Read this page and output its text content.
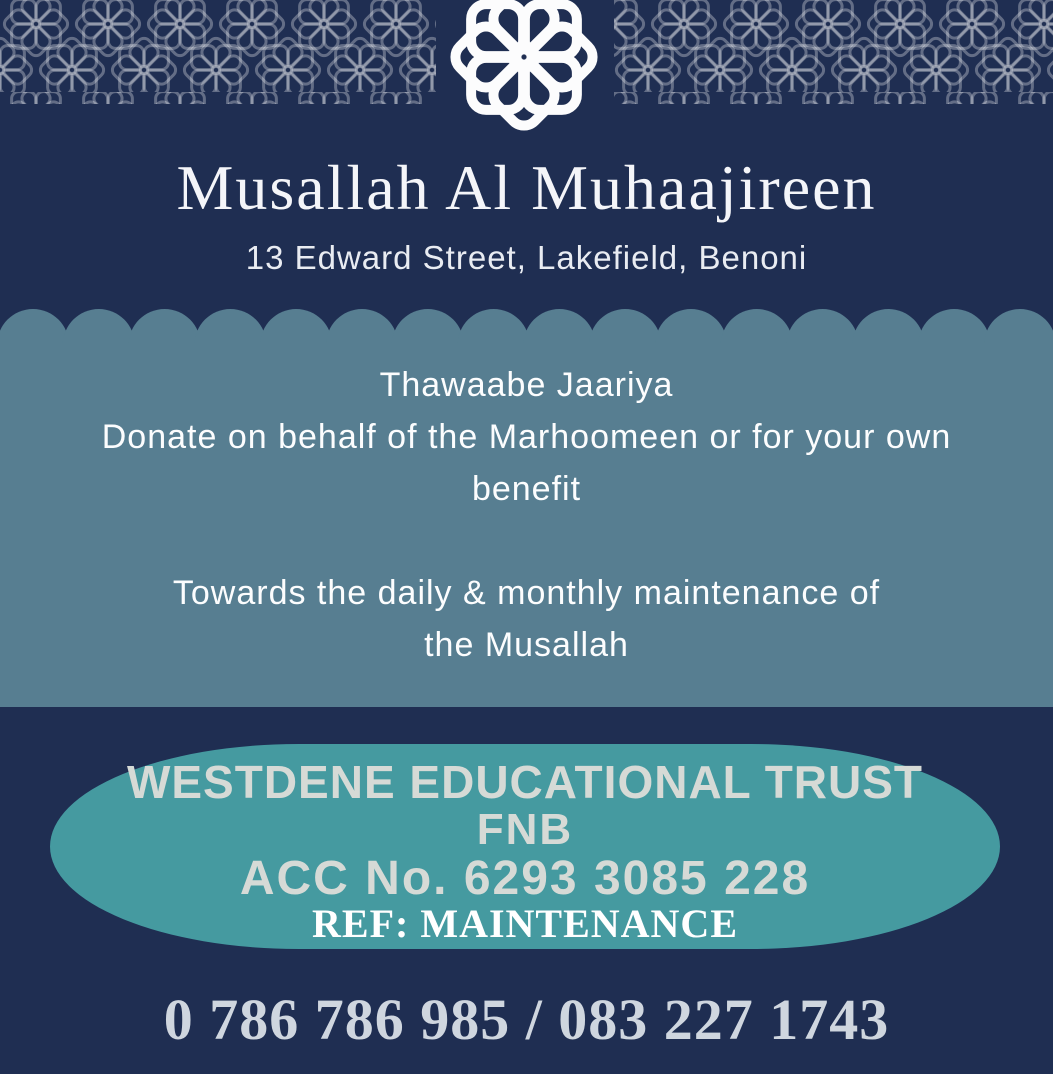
Musallah Al Muhaajireen
13 Edward Street, Lakefield, Benoni
Thawaabe Jaariya
Donate on behalf of the Marhoomeen or for your own
benefit
Towards the daily & monthly maintenance of
the Musallah
WESTDENE EDUCATIONAL TRUST
FNB
ACC No. 6293 3085 228
REF: MAINTENANCE
0 786 786 985 / 083 227 1743
